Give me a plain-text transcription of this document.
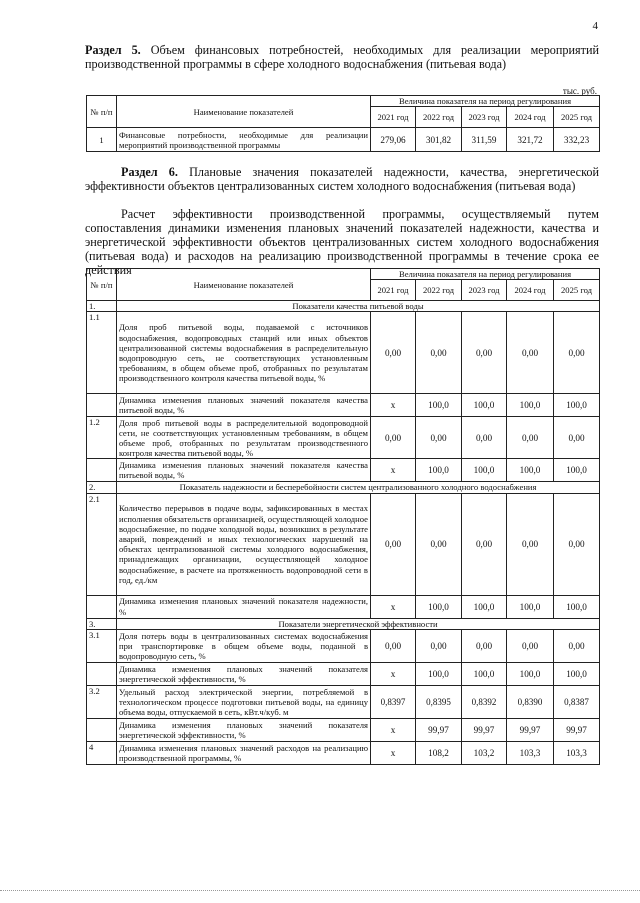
4
Раздел 5. Объем финансовых потребностей, необходимых для реализации мероприятий производственной программы в сфере холодного водоснабжения (питьевая вода)
тыс. руб.
№ п/п	Наименование показателей	Величина показателя на период регулирования				
		2021 год	2022 год	2023 год	2024 год	2025 год
1	Финансовые потребности, необходимые для реализации мероприятий производственной программы	279,06	301,82	311,59	321,72	332,23
Раздел 6. Плановые значения показателей надежности, качества, энергетической эффективности объектов централизованных систем холодного водоснабжения (питьевая вода)
Расчет эффективности производственной программы, осуществляемый путем сопоставления динамики изменения плановых значений показателей надежности, качества и энергетической эффективности объектов централизованных систем холодного водоснабжения (питьевая вода) и расходов на реализацию производственной программы в течение срока ее действия
№ п/п	Наименование показателей	Величина показателя на период регулирования				
		2021 год	2022 год	2023 год	2024 год	2025 год
1.	Показатели качества питьевой воды					
1.1	Доля проб питьевой воды, подаваемой с источников водоснабжения, водопроводных станций или иных объектов централизованной системы водоснабжения в распределительную водопроводную сеть, не соответствующих установленным требованиям, в общем объеме проб, отобранных по результатам производственного контроля качества питьевой воды, %	0,00	0,00	0,00	0,00	0,00
	Динамика изменения плановых значений показателя качества питьевой воды, %	х	100,0	100,0	100,0	100,0
1.2	Доля проб питьевой воды в распределительной водопроводной сети, не соответствующих установленным требованиям, в общем объеме проб, отобранных по результатам производственного контроля качества питьевой воды, %	0,00	0,00	0,00	0,00	0,00
	Динамика изменения плановых значений показателя качества питьевой воды, %	х	100,0	100,0	100,0	100,0
2.	Показатель надежности и бесперебойности систем централизованного холодного водоснабжения					
2.1	Количество перерывов в подаче воды, зафиксированных в местах исполнения обязательств организацией, осуществляющей холодное водоснабжение, по подаче холодной воды, возникших в результате аварий, повреждений и иных технологических нарушений на объектах централизованной системы холодного водоснабжения, принадлежащих организации, осуществляющей холодное водоснабжение, в расчете на протяженность водопроводной сети в год, ед./км	0,00	0,00	0,00	0,00	0,00
	Динамика изменения плановых значений показателя надежности, %	х	100,0	100,0	100,0	100,0
3.	Показатели энергетической эффективности					
3.1	Доля потерь воды в централизованных системах водоснабжения при транспортировке в общем объеме воды, поданной в водопроводную сеть, %	0,00	0,00	0,00	0,00	0,00
	Динамика изменения плановых значений показателя энергетической эффективности, %	х	100,0	100,0	100,0	100,0
3.2	Удельный расход электрической энергии, потребляемой в технологическом процессе подготовки питьевой воды, на единицу объема воды, отпускаемой в сеть, кВт.ч/куб. м	0,8397	0,8395	0,8392	0,8390	0,8387
	Динамика изменения плановых значений показателя энергетической эффективности, %	х	99,97	99,97	99,97	99,97
4	Динамика изменения плановых значений расходов на реализацию производственной программы, %	х	108,2	103,2	103,3	103,3
